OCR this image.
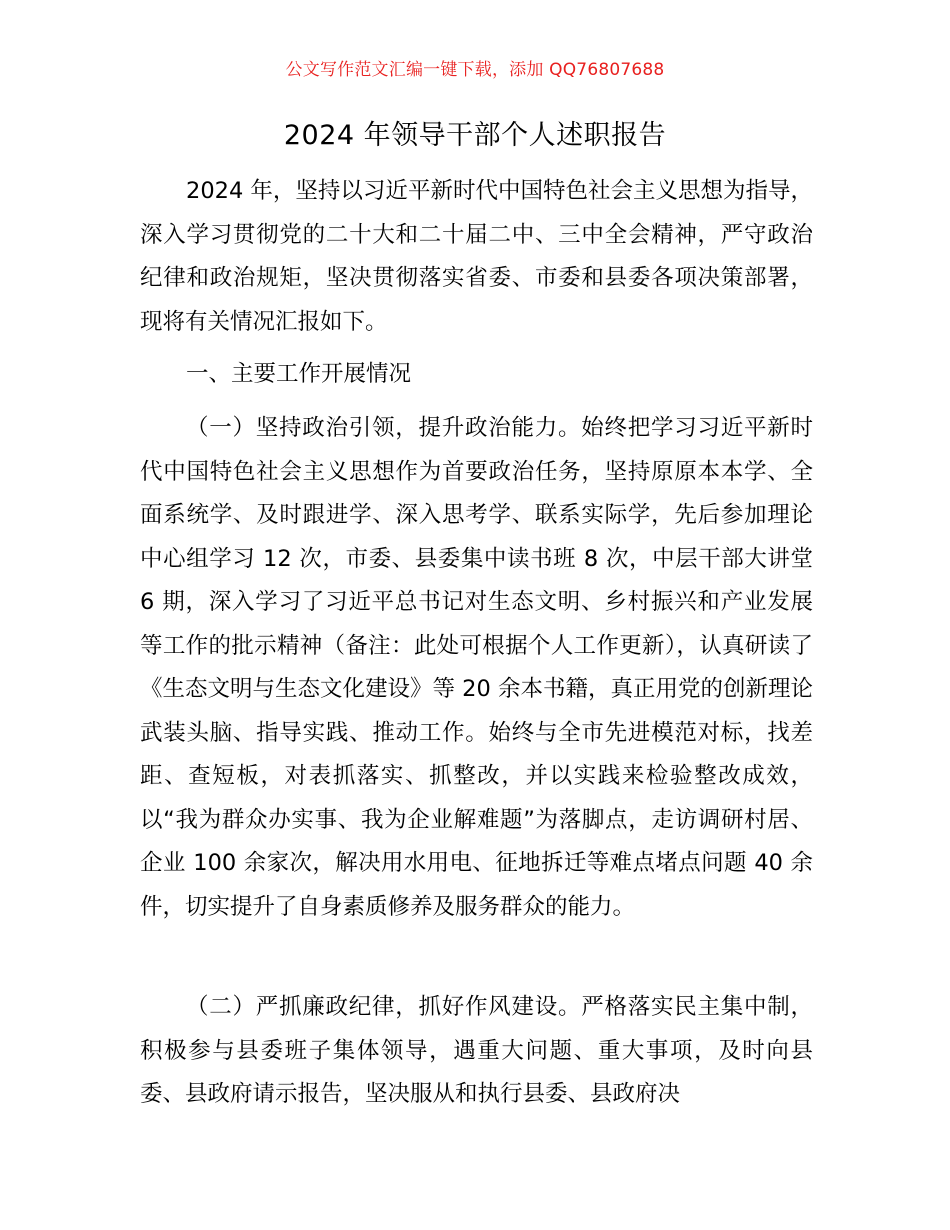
公文写作范文汇编一键下载，添加 QQ76807688
2024 年领导干部个人述职报告

2024 年，坚持以习近平新时代中国特色社会主义思想为指导，深入学习贯彻党的二十大和二十届二中、三中全会精神，严守政治纪律和政治规矩，坚决贯彻落实省委、市委和县委各项决策部署，现将有关情况汇报如下。

一、主要工作开展情况

（一）坚持政治引领，提升政治能力。始终把学习习近平新时代中国特色社会主义思想作为首要政治任务，坚持原原本本学、全面系统学、及时跟进学、深入思考学、联系实际学，先后参加理论中心组学习 12 次，市委、县委集中读书班 8 次，中层干部大讲堂 6 期，深入学习了习近平总书记对生态文明、乡村振兴和产业发展等工作的批示精神（备注：此处可根据个人工作更新），认真研读了《生态文明与生态文化建设》等 20 余本书籍，真正用党的创新理论武装头脑、指导实践、推动工作。始终与全市先进模范对标，找差距、查短板，对表抓落实、抓整改，并以实践来检验整改成效，以“我为群众办实事、我为企业解难题”为落脚点，走访调研村居、企业 100 余家次，解决用水用电、征地拆迁等难点堵点问题 40 余件，切实提升了自身素质修养及服务群众的能力。

（二）严抓廉政纪律，抓好作风建设。严格落实民主集中制，积极参与县委班子集体领导，遇重大问题、重大事项，及时向县委、县政府请示报告，坚决服从和执行县委、县政府决
